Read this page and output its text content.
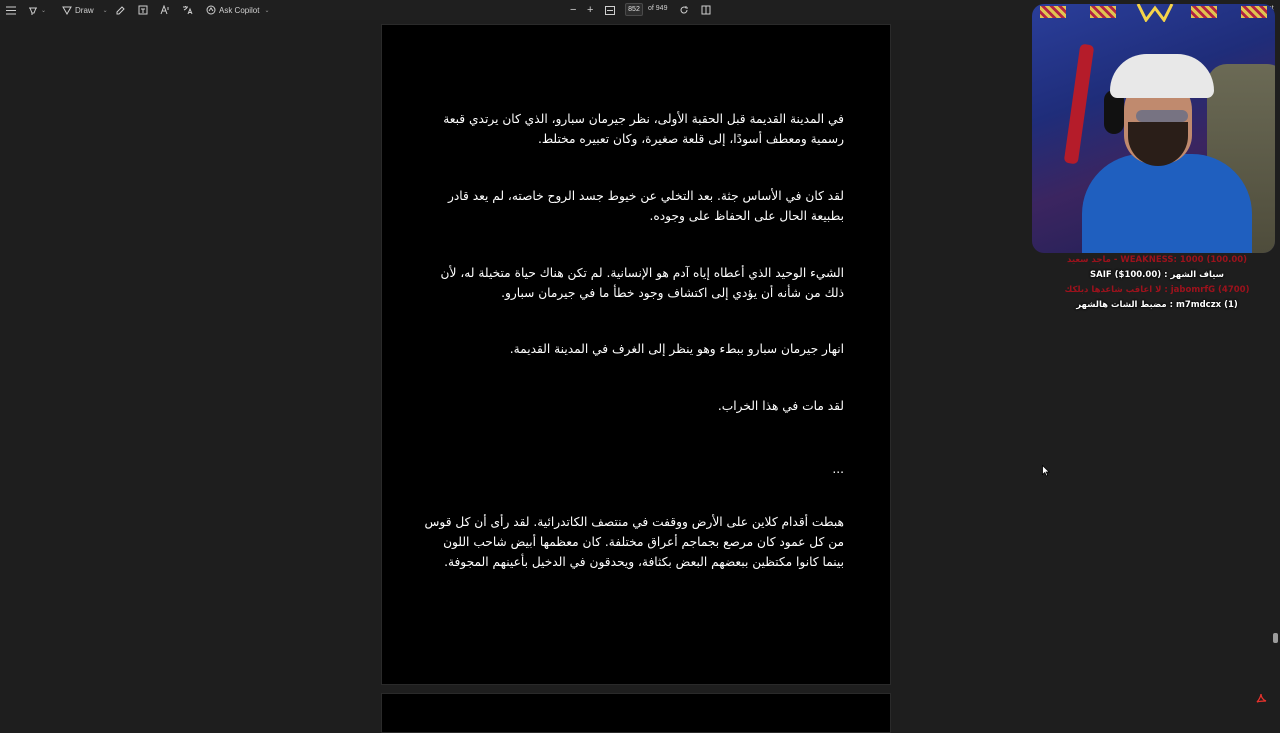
⌄	Draw ⌄	Ask Copilot ⌄	− +	852	of 949

في المدينة القديمة قبل الحقبة الأولى، نظر جيرمان سبارو، الذي كان يرتدي قبعة رسمية ومعطف أسودًا، إلى قلعة صغيرة، وكان تعبيره مختلط.

لقد كان في الأساس جثة. بعد التخلي عن خيوط جسد الروح خاصته، لم يعد قادر بطبيعة الحال على الحفاظ على وجوده.

الشيء الوحيد الذي أعطاه إياه آدم هو الإنسانية. لم تكن هناك حياة متخيلة له، لأن ذلك من شأنه أن يؤدي إلى اكتشاف وجود خطأ ما في جيرمان سبارو.

انهار جيرمان سبارو ببطء وهو ينظر إلى الغرف في المدينة القديمة.

لقد مات في هذا الخراب.

...

هبطت أقدام كلاين على الأرض ووقفت في منتصف الكاتدرائية. لقد رأى أن كل قوس من كل عمود كان مرصع بجماجم أعراق مختلفة. كان معظمها أبيض شاحب اللون بينما كانوا مكتظين ببعضهم البعض بكثافة، ويحدقون في الدخيل بأعينهم المجوفة.

WEAKNESS: 1000 (100.00) - ماجد سعيد
سياف الشهر : SAIF ($100.00)
jabomrfG (4700) : لا اعاقب شاعدها دبلكك
m7mdczx (1) : مضبط الشات هالشهر
